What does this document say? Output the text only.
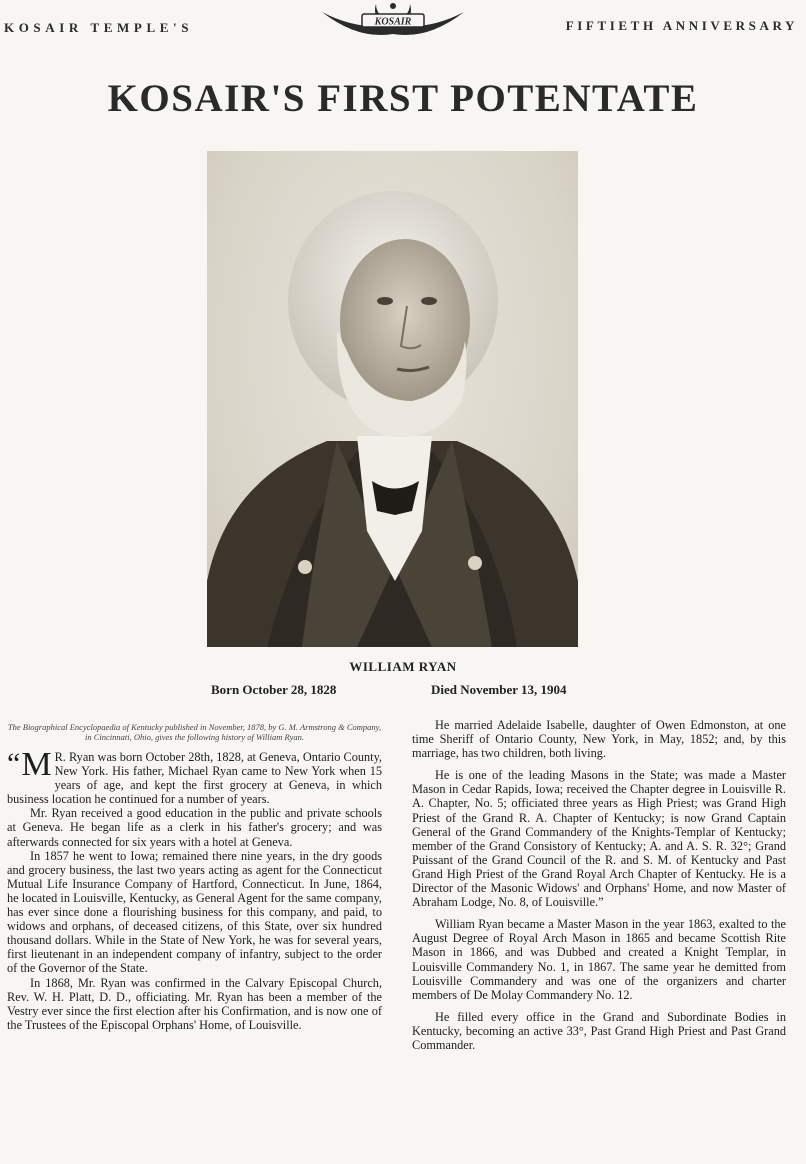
KOSAIR TEMPLE'S	KOSAIR	FIFTIETH ANNIVERSARY
KOSAIR'S FIRST POTENTATE
WILLIAM RYAN
Born October 28, 1828	Died November 13, 1904

The Biographical Encyclopaedia of Kentucky published in November, 1878, by G. M. Armstrong & Company, in Cincinnati, Ohio, gives the following history of William Ryan.

“ M R. Ryan was born October 28th, 1828, at Geneva, Ontario County, New York. His father, Michael Ryan came to New York when 15 years of age, and kept the first grocery at Geneva, in which business location he continued for a number of years.

Mr. Ryan received a good education in the public and private schools at Geneva. He began life as a clerk in his father's grocery; and was afterwards connected for six years with a hotel at Geneva.

In 1857 he went to Iowa; remained there nine years, in the dry goods and grocery business, the last two years acting as agent for the Connecticut Mutual Life Insurance Company of Hartford, Connecticut. In June, 1864, he located in Louisville, Kentucky, as General Agent for the same company, has ever since done a flourishing business for this company, and paid, to widows and orphans, of deceased citizens, of this State, over six hundred thousand dollars. While in the State of New York, he was for several years, first lieutenant in an independent company of infantry, subject to the order of the Governor of the State.

In 1868, Mr. Ryan was confirmed in the Calvary Episcopal Church, Rev. W. H. Platt, D. D., officiating. Mr. Ryan has been a member of the Vestry ever since the first election after his Confirmation, and is now one of the Trustees of the Episcopal Orphans' Home, of Louisville.

He married Adelaide Isabelle, daughter of Owen Edmonston, at one time Sheriff of Ontario County, New York, in May, 1852; and, by this marriage, has two children, both living.

He is one of the leading Masons in the State; was made a Master Mason in Cedar Rapids, Iowa; received the Chapter degree in Louisville R. A. Chapter, No. 5; officiated three years as High Priest; was Grand High Priest of the Grand R. A. Chapter of Kentucky; is now Grand Captain General of the Grand Commandery of the Knights-Templar of Kentucky; member of the Grand Consistory of Kentucky; A. and A. S. R. 32°; Grand Puissant of the Grand Council of the R. and S. M. of Kentucky and Past Grand High Priest of the Grand Royal Arch Chapter of Kentucky. He is a Director of the Masonic Widows' and Orphans' Home, and now Master of Abraham Lodge, No. 8, of Louisville.”

William Ryan became a Master Mason in the year 1863, exalted to the August Degree of Royal Arch Mason in 1865 and became Scottish Rite Mason in 1866, and was Dubbed and created a Knight Templar, in Louisville Commandery No. 1, in 1867. The same year he demitted from Louisville Commandery and was one of the organizers and charter members of De Molay Commandery No. 12.

He filled every office in the Grand and Subordinate Bodies in Kentucky, becoming an active 33°, Past Grand High Priest and Past Grand Commander.
